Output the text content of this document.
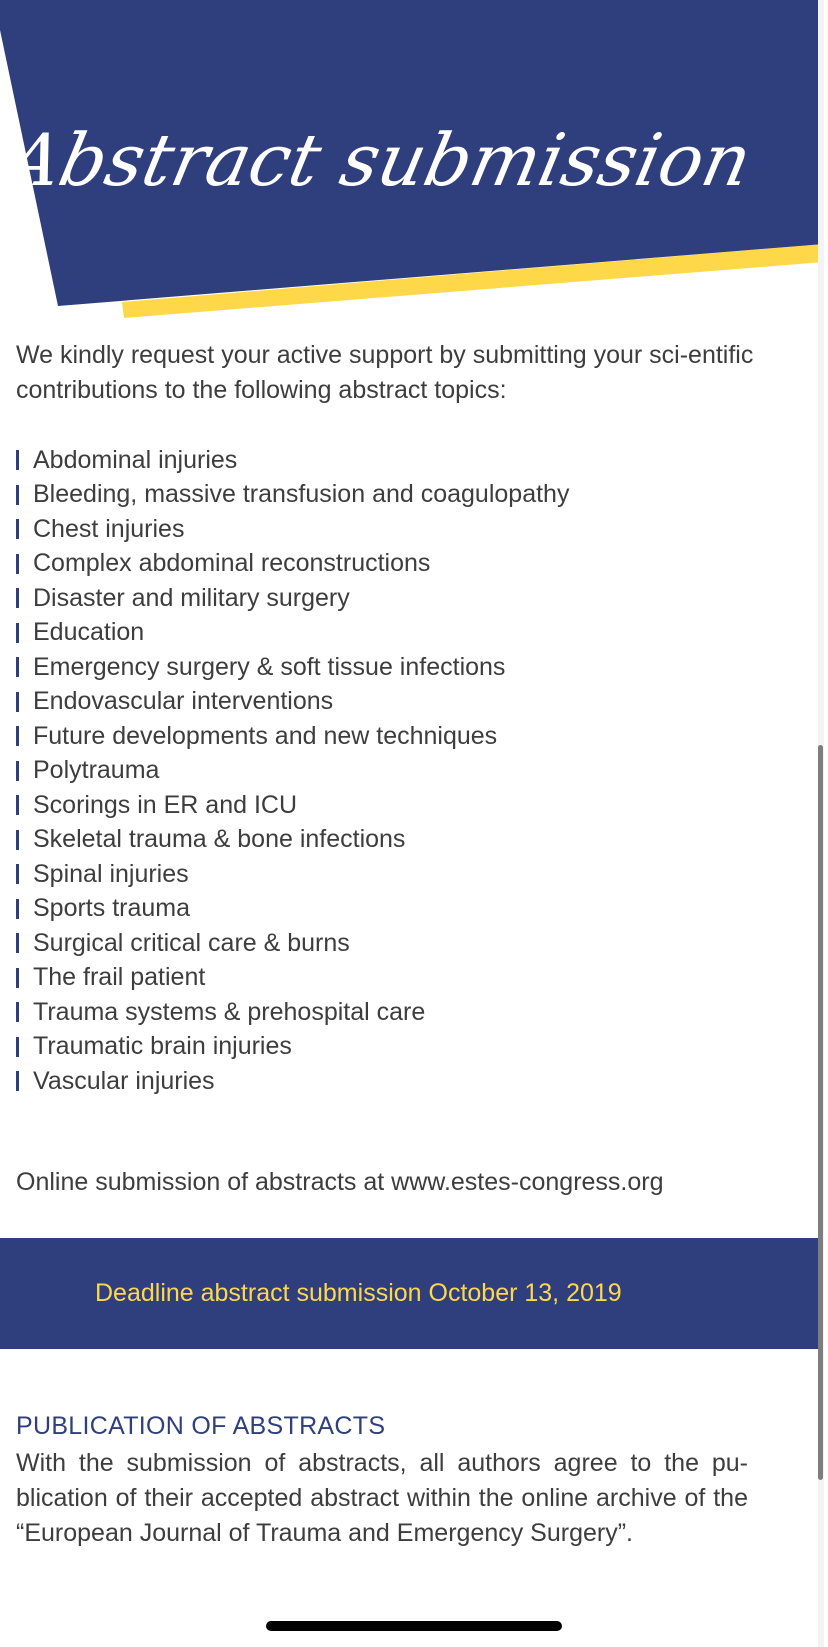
Abstract submission
We kindly request your active support by submitting your sci-entific contributions to the following abstract topics:
Abdominal injuries
Bleeding, massive transfusion and coagulopathy
Chest injuries
Complex abdominal reconstructions
Disaster and military surgery
Education
Emergency surgery & soft tissue infections
Endovascular interventions
Future developments and new techniques
Polytrauma
Scorings in ER and ICU
Skeletal trauma & bone infections
Spinal injuries
Sports trauma
Surgical critical care & burns
The frail patient
Trauma systems & prehospital care
Traumatic brain injuries
Vascular injuries
Online submission of abstracts at www.estes-congress.org
Deadline abstract submission October 13, 2019
PUBLICATION OF ABSTRACTS
With the submission of abstracts, all authors agree to the pu-blication of their accepted abstract within the online archive of the “European Journal of Trauma and Emergency Surgery”.
